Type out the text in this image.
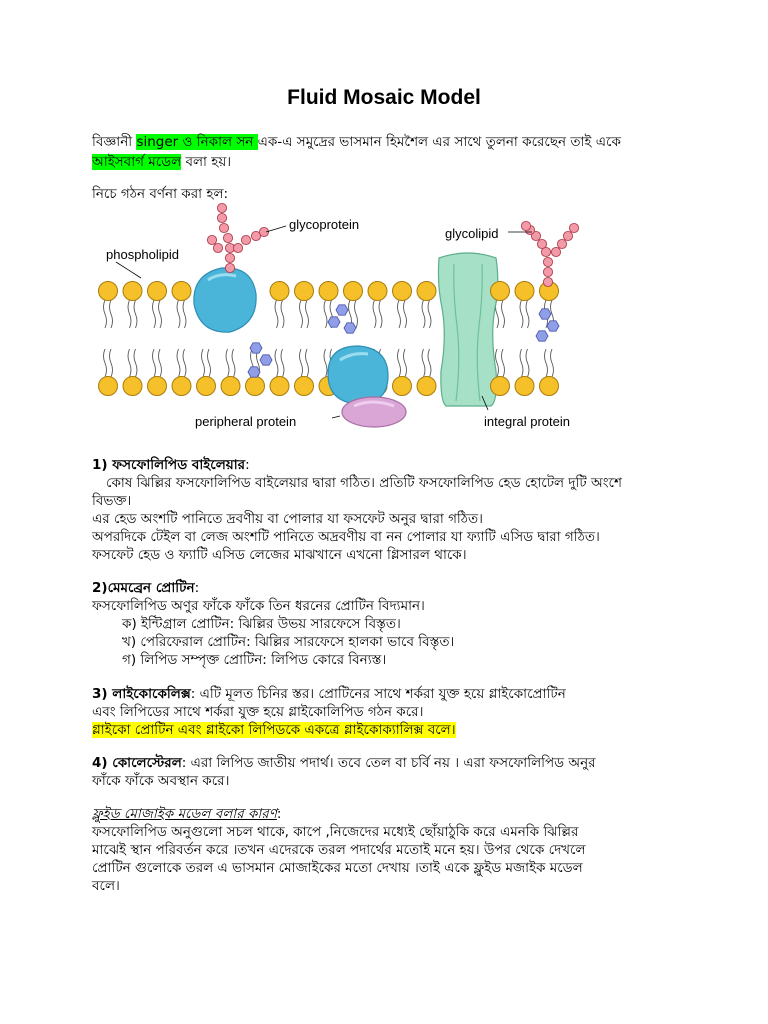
Fluid Mosaic Model
বিজ্ঞানী singer ও নিকাল সন এক-এ সমুদ্রের ভাসমান হিমশৈল এর সাথে তুলনা করেছেন তাই একে
আইসবার্গ মডেল বলা হয়।
নিচে গঠন বর্ণনা করা হল:
glycoprotein
glycolipid
phospholipid
peripheral protein	integral protein
1) ফসফোলিপিড বাইলেয়ার:
কোষ ঝিল্লির ফসফোলিপিড বাইলেয়ার দ্বারা গঠিত। প্রতিটি ফসফোলিপিড হেড হোটেল দুটি অংশে
বিভক্ত।
এর হেড অংশটি পানিতে দ্রবণীয় বা পোলার যা ফসফেট অনুর দ্বারা গঠিত।
অপরদিকে টেইল বা লেজ অংশটি পানিতে অদ্রবণীয় বা নন পোলার যা ফ্যাটি এসিড দ্বারা গঠিত।
ফসফেট হেড ও ফ্যাটি এসিড লেজের মাঝখানে এখনো গ্লিসারল থাকে।
2)মেমব্রেন প্রোটিন:
ফসফোলিপিড অণুর ফাঁকে ফাঁকে তিন ধরনের প্রোটিন বিদ্যমান।
ক) ইন্টিগ্রাল প্রোটিন: ঝিল্লির উভয় সারফেসে বিস্তৃত।
খ) পেরিফেরাল প্রোটিন: ঝিল্লির সারফেসে হালকা ভাবে বিস্তৃত।
গ) লিপিড সম্পৃক্ত প্রোটিন: লিপিড কোরে বিন্যস্ত।
3) লাইকোকেলিক্স: এটি মূলত চিনির স্তর। প্রোটিনের সাথে শর্করা যুক্ত হয়ে গ্লাইকোপ্রোটিন
এবং লিপিডের সাথে শর্করা যুক্ত হয়ে গ্লাইকোলিপিড গঠন করে।
গ্লাইকো প্রোটিন এবং গ্লাইকো লিপিডকে একত্রে গ্লাইকোক্যালিক্স বলে।
4) কোলেস্টেরল: এরা লিপিড জাতীয় পদার্থ। তবে তেল বা চর্বি নয় । এরা ফসফোলিপিড অনুর
ফাঁকে ফাঁকে অবস্থান করে।
ফ্লুইড মোজাইক মডেল বলার কারণ:
ফসফোলিপিড অনুগুলো সচল থাকে, কাপে ,নিজেদের মধ্যেই ছোঁয়াঠুকি করে এমনকি ঝিল্লির
মাঝেই স্থান পরিবর্তন করে ।তখন এদেরকে তরল পদার্থের মতোই মনে হয়। উপর থেকে দেখলে
প্রোটিন গুলোকে তরল এ ভাসমান মোজাইকের মতো দেখায় ।তাই একে ফ্লুইড মজাইক মডেল
বলে।
